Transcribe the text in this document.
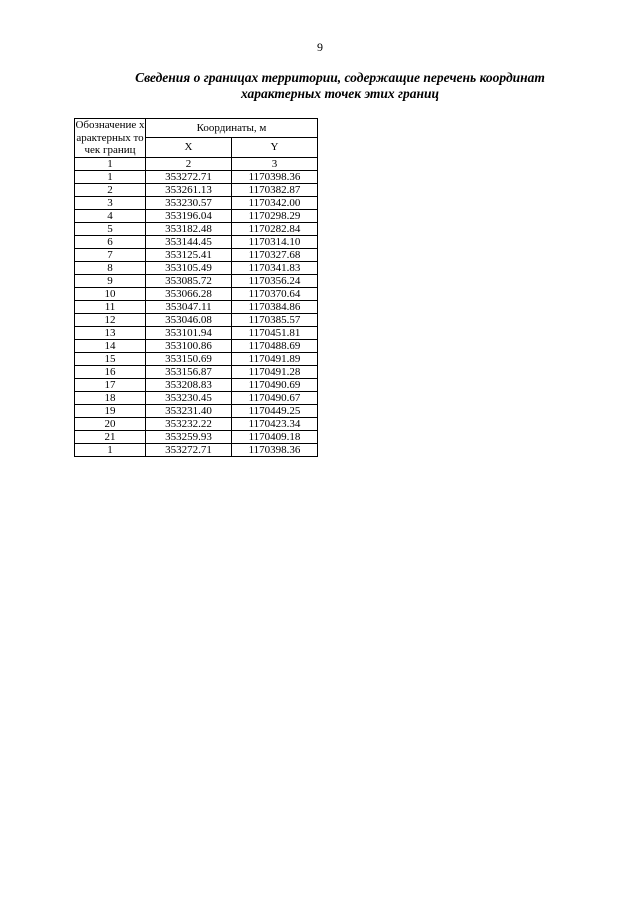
9
Сведения о границах территории, содержащие перечень координат
характерных точек этих границ
Обозначение характерных точек границ	Координаты, м	
	X	Y
1	2	3
1	353272.71	1170398.36
2	353261.13	1170382.87
3	353230.57	1170342.00
4	353196.04	1170298.29
5	353182.48	1170282.84
6	353144.45	1170314.10
7	353125.41	1170327.68
8	353105.49	1170341.83
9	353085.72	1170356.24
10	353066.28	1170370.64
11	353047.11	1170384.86
12	353046.08	1170385.57
13	353101.94	1170451.81
14	353100.86	1170488.69
15	353150.69	1170491.89
16	353156.87	1170491.28
17	353208.83	1170490.69
18	353230.45	1170490.67
19	353231.40	1170449.25
20	353232.22	1170423.34
21	353259.93	1170409.18
1	353272.71	1170398.36
